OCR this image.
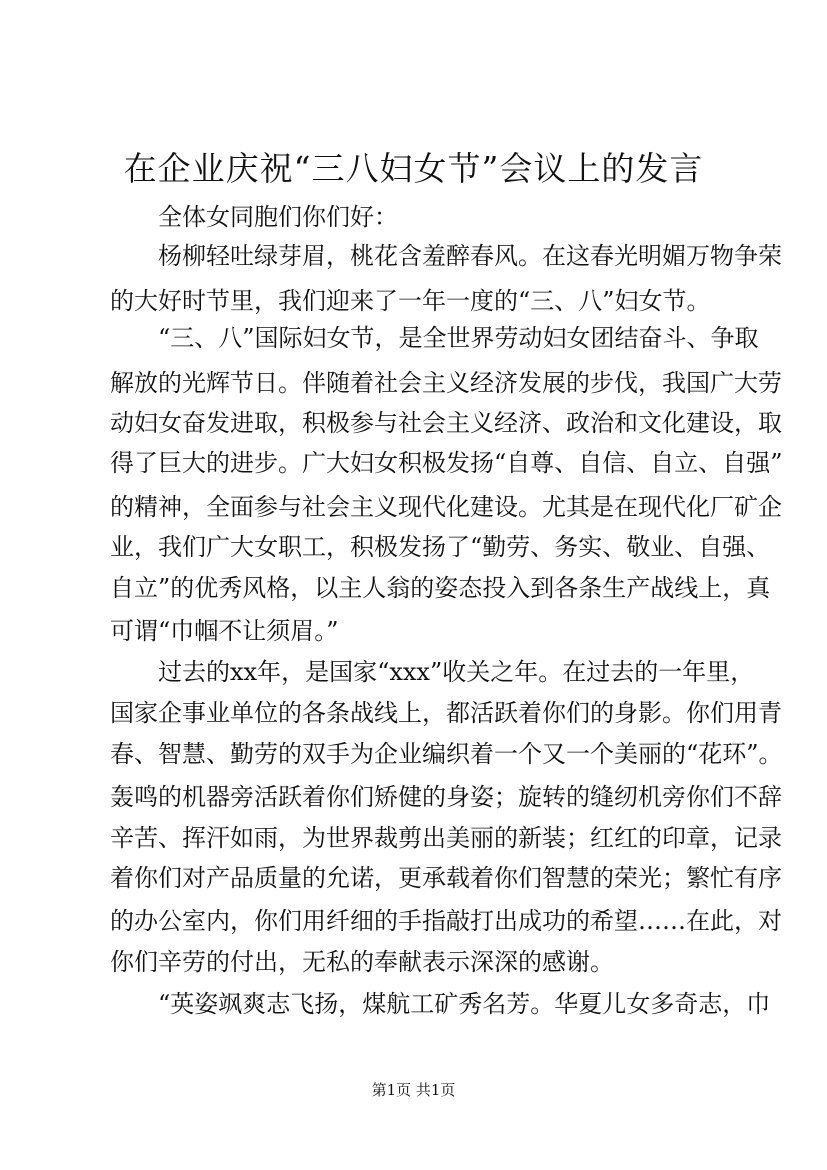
在企业庆祝“三八妇女节”会议上的发言
全体女同胞们你们好：
杨柳轻吐绿芽眉，桃花含羞醉春风。在这春光明媚万物争荣
的大好时节里，我们迎来了一年一度的“三、八”妇女节。
“三、八”国际妇女节，是全世界劳动妇女团结奋斗、争取
解放的光辉节日。伴随着社会主义经济发展的步伐，我国广大劳
动妇女奋发进取，积极参与社会主义经济、政治和文化建设，取
得了巨大的进步。广大妇女积极发扬“自尊、自信、自立、自强”
的精神，全面参与社会主义现代化建设。尤其是在现代化厂矿企
业，我们广大女职工，积极发扬了“勤劳、务实、敬业、自强、
自立”的优秀风格，以主人翁的姿态投入到各条生产战线上，真
可谓“巾帼不让须眉。”
过去的xx年，是国家“xxx”收关之年。在过去的一年里，
国家企事业单位的各条战线上，都活跃着你们的身影。你们用青
春、智慧、勤劳的双手为企业编织着一个又一个美丽的“花环”。
轰鸣的机器旁活跃着你们矫健的身姿；旋转的缝纫机旁你们不辞
辛苦、挥汗如雨，为世界裁剪出美丽的新装；红红的印章，记录
着你们对产品质量的允诺，更承载着你们智慧的荣光；繁忙有序
的办公室内，你们用纤细的手指敲打出成功的希望……在此，对
你们辛劳的付出，无私的奉献表示深深的感谢。
“英姿飒爽志飞扬，煤航工矿秀名芳。华夏儿女多奇志，巾
第1页 共1页
